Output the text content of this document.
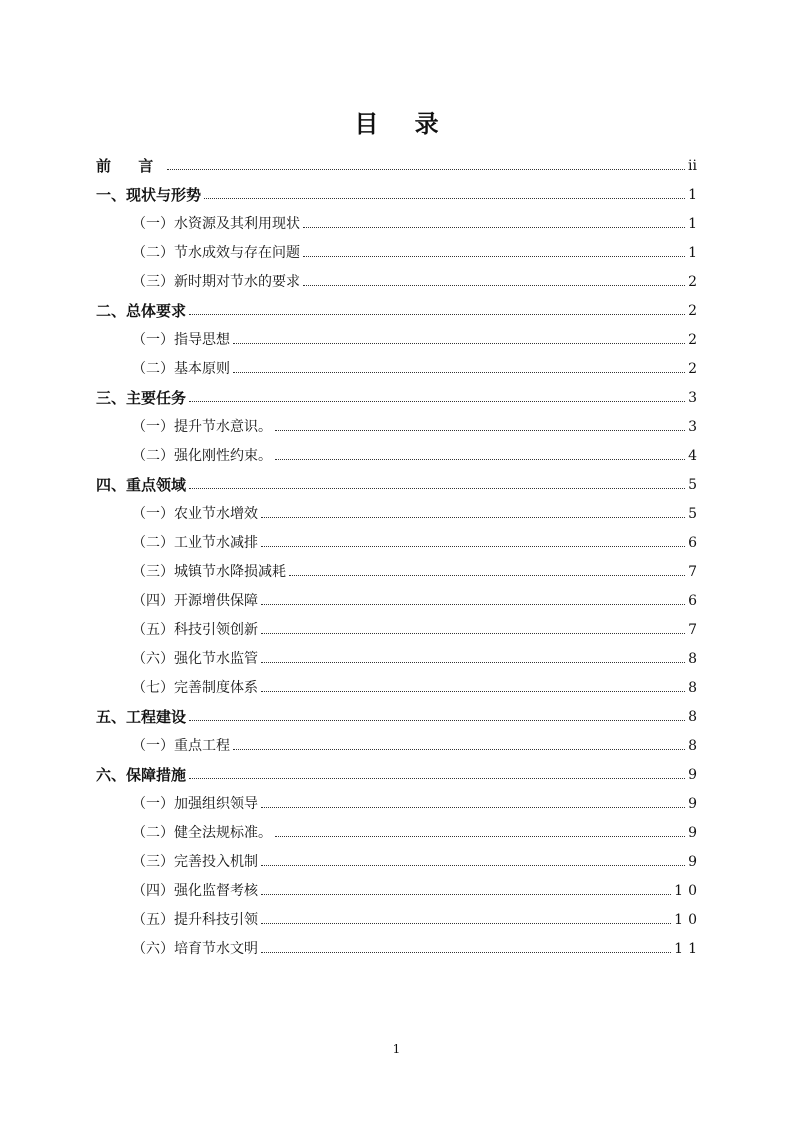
目 录
前 言	ii
一、现状与形势	1
（一）水资源及其利用现状	1
（二）节水成效与存在问题	1
（三）新时期对节水的要求	2
二、总体要求	2
（一）指导思想	2
（二）基本原则	2
三、主要任务	3
（一）提升节水意识。	3
（二）强化刚性约束。	4
四、重点领域	5
（一）农业节水增效	5
（二）工业节水减排	6
（三）城镇节水降损减耗	7
（四）开源增供保障	6
（五）科技引领创新	7
（六）强化节水监管	8
（七）完善制度体系	8
五、工程建设	8
（一）重点工程	8
六、保障措施	9
（一）加强组织领导	9
（二）健全法规标准。	9
（三）完善投入机制	9
（四）强化监督考核	10
（五）提升科技引领	10
（六）培育节水文明	11
1
